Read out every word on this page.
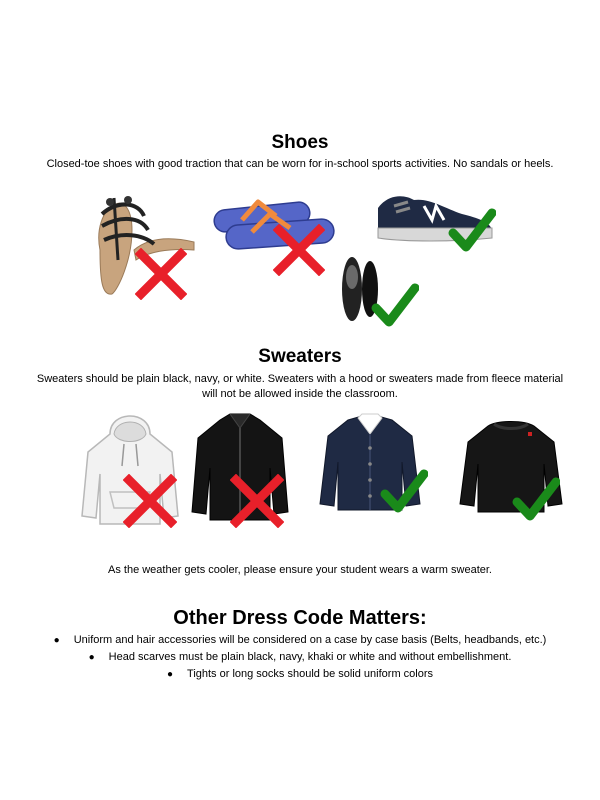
Shoes

Closed-toe shoes with good traction that can be worn for in-school sports activities. No sandals or heels.

Sweaters

Sweaters should be plain black, navy, or white. Sweaters with a hood or sweaters made from fleece material

will not be allowed inside the classroom.

As the weather gets cooler, please ensure your student wears a warm sweater.

Other Dress Code Matters:
● Uniform and hair accessories will be considered on a case by case basis (Belts, headbands, etc.)
● Head scarves must be plain black, navy, khaki or white and without embellishment.
● Tights or long socks should be solid uniform colors
